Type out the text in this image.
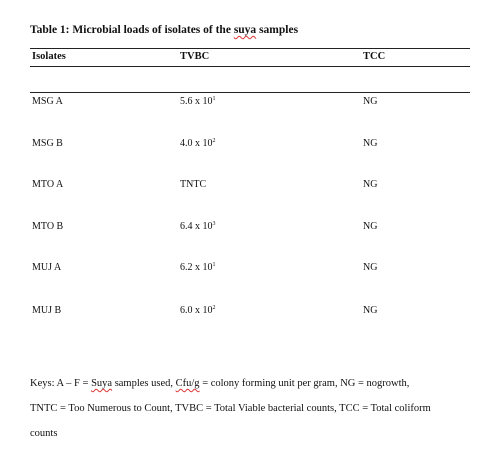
Table 1: Microbial loads of isolates of the suya samples
Isolates	TVBC	TCC
MSG A	5.6 x $10^1$	NG
MSG B	4.0 x $10^2$	NG
MTO A	TNTC	NG
MTO B	6.4 x $10^3$	NG
MUJ A	6.2 x $10^1$	NG
MUJ B	6.0 x $10^2$	NG
Keys: A – F = Suya samples used, Cfu/g = colony forming unit per gram, NG = nogrowth,
TNTC = Too Numerous to Count, TVBC = Total Viable bacterial counts, TCC = Total coliform
counts
